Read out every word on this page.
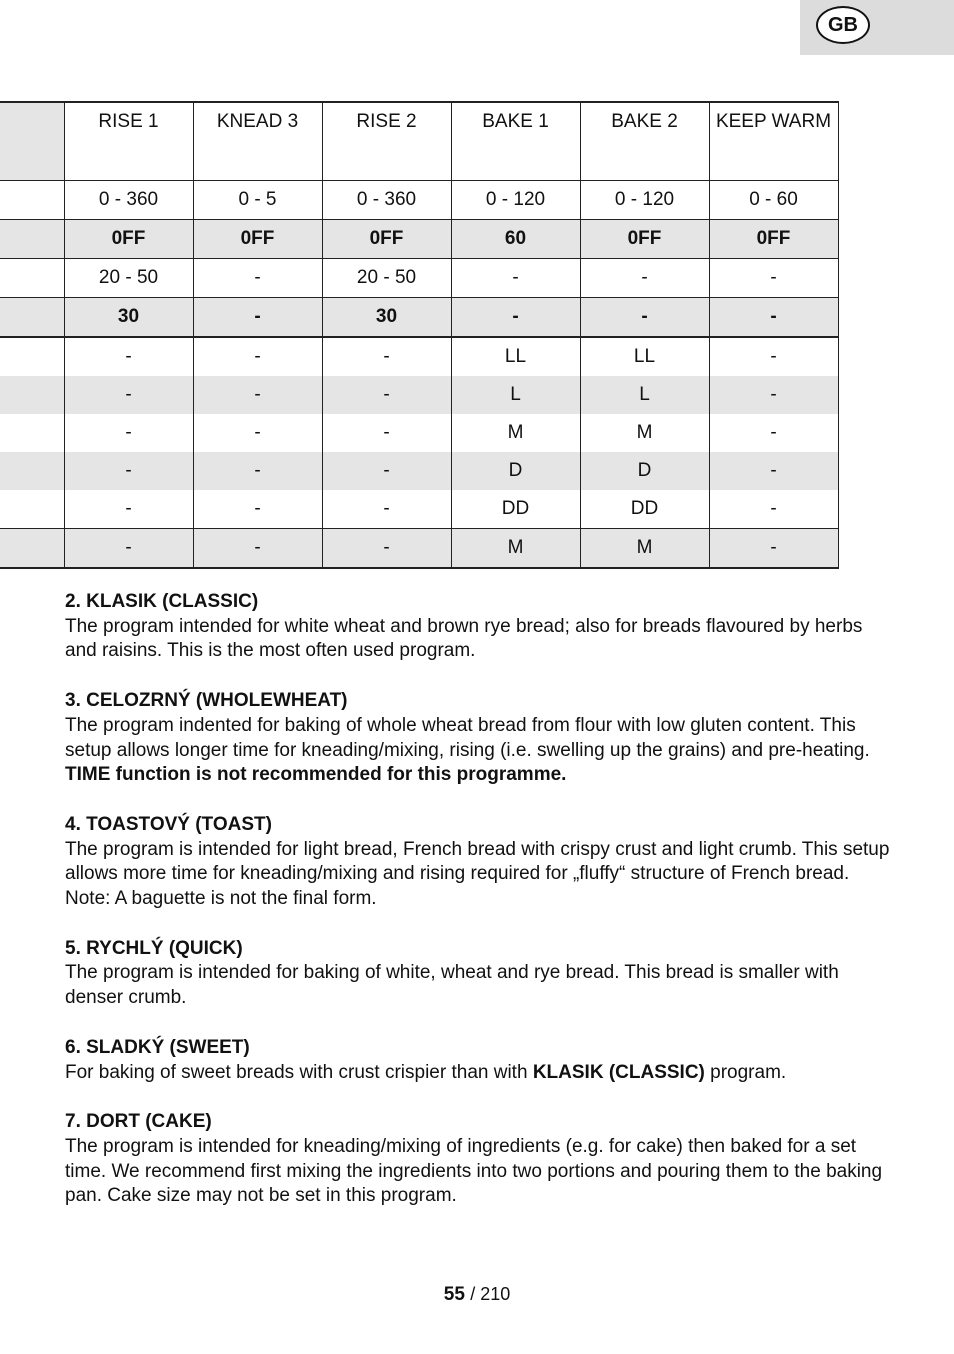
GB
	RISE 1	KNEAD 3	RISE 2	BAKE 1	BAKE 2	KEEP WARM
	0 - 360	0 - 5	0 - 360	0 - 120	0 - 120	0 - 60
	0FF	0FF	0FF	60	0FF	0FF
	20 - 50	-	20 - 50	-	-	-
	30	-	30	-	-	-
	-	-	-	LL	LL	-
	-	-	-	L	L	-
	-	-	-	M	M	-
	-	-	-	D	D	-
	-	-	-	DD	DD	-
	-	-	-	M	M	-
2. KLASIK (CLASSIC)

The program intended for white wheat and brown rye bread; also for breads flavoured by herbs and raisins. This is the most often used program.

3. CELOZRNÝ (WHOLEWHEAT)

The program indented for baking of whole wheat bread from flour with low gluten content. This setup allows longer time for kneading/mixing, rising (i.e. swelling up the grains) and pre-heating. TIME function is not recommended for this programme.

4. TOASTOVÝ (TOAST)

The program is intended for light bread, French bread with crispy crust and light crumb. This setup allows more time for kneading/mixing and rising required for „fluffy“ structure of French bread. Note: A baguette is not the final form.

5. RYCHLÝ (QUICK)

The program is intended for baking of white, wheat and rye bread. This bread is smaller with denser crumb.

6. SLADKÝ (SWEET)

For baking of sweet breads with crust crispier than with KLASIK (CLASSIC) program.

7. DORT (CAKE)

The program is intended for kneading/mixing of ingredients (e.g. for cake) then baked for a set time. We recommend first mixing the ingredients into two portions and pouring them to the baking pan. Cake size may not be set in this program.

55 / 210
